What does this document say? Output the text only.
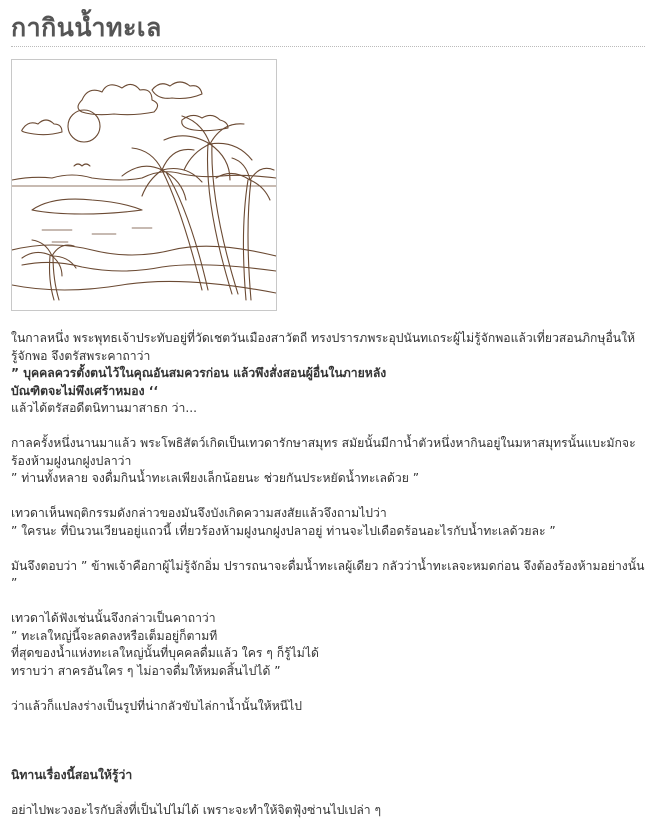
กากินน้ำทะเล

ในกาลหนึ่ง พระพุทธเจ้าประทับอยู่ที่วัดเชตวันเมืองสาวัตถี ทรงปรารภพระอุปนันทเถระผู้ไม่รู้จักพอแล้วเที่ยวสอนภิกษุอื่นให้รู้จักพอ จึงตรัสพระคาถาว่า

” บุคคลควรตั้งตนไว้ในคุณอันสมควรก่อน แล้วพึงสั่งสอนผู้อื่นในภายหลัง

บัณฑิตจะไม่พึงเศร้าหมอง ‘‘

แล้วได้ตรัสอดีตนิทานมาสาธก ว่า...

กาลครั้งหนึ่งนานมาแล้ว พระโพธิสัตว์เกิดเป็นเทวดารักษาสมุทร สมัยนั้นมีกาน้ำตัวหนึ่งหากินอยู่ในมหาสมุทรนั้นแบะมักจะร้องห้ามฝูงนกฝูงปลาว่า

” ท่านทั้งหลาย จงดื่มกินน้ำทะเลเพียงเล็กน้อยนะ ช่วยกันประหยัดน้ำทะเลด้วย ”

เทวดาเห็นพฤติกรรมดังกล่าวของมันจึงบังเกิดความสงสัยแล้วจึงถามไปว่า

” ใครนะ ที่บินวนเวียนอยู่แถวนี้ เที่ยวร้องห้ามฝูงนกฝูงปลาอยู่ ท่านจะไปเดือดร้อนอะไรกับน้ำทะเลด้วยละ ”

มันจึงตอบว่า ” ข้าพเจ้าคือกาผู้ไม่รู้จักอิ่ม ปรารถนาจะดื่มน้ำทะเลผู้เดียว กลัวว่าน้ำทะเลจะหมดก่อน จึงต้องร้องห้ามอย่างนั้น ”

เทวดาได้ฟังเช่นนั้นจึงกล่าวเป็นคาถาว่า

” ทะเลใหญ่นี้จะลดลงหรือเต็มอยู่ก็ตามที

ที่สุดของน้ำแห่งทะเลใหญ่นั้นที่บุคคลดื่มแล้ว ใคร ๆ ก็รู้ไม่ได้

ทราบว่า สาครอันใคร ๆ ไม่อาจดื่มให้หมดสิ้นไปได้ ”

ว่าแล้วก็แปลงร่างเป็นรูปที่น่ากลัวขับไล่กาน้ำนั้นให้หนีไป

นิทานเรื่องนี้สอนให้รู้ว่า

อย่าไปพะวงอะไรกับสิ่งที่เป็นไปไม่ได้ เพราะจะทำให้จิตฟุ้งซ่านไปเปล่า ๆ
